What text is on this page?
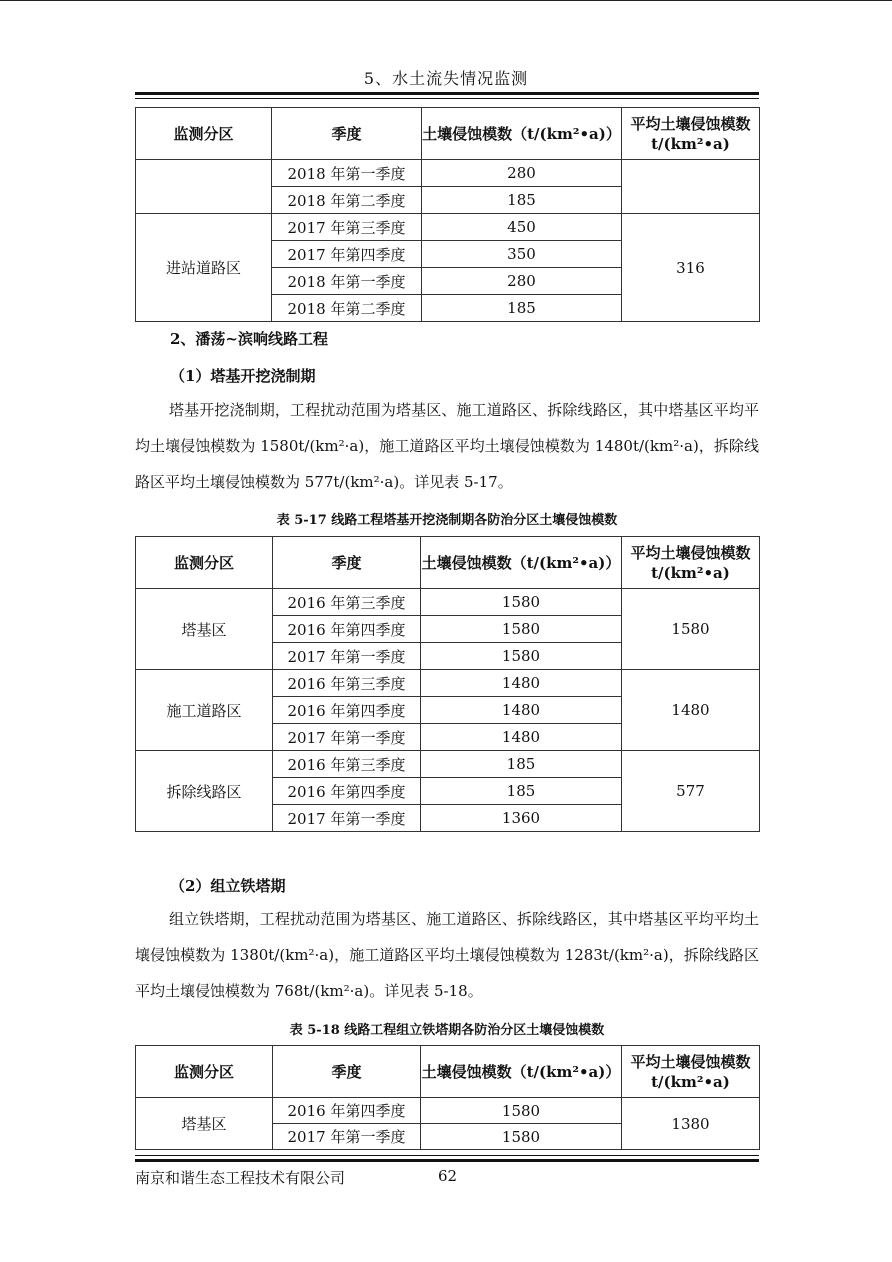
5、水土流失情况监测
监测分区	季度	土壤侵蚀模数（t/(km²•a)）	平均土壤侵蚀模数 t/(km²•a)
	2018 年第一季度	280	
	2018 年第二季度	185	
进站道路区	2017 年第三季度	450	316
	2017 年第四季度	350	
	2018 年第一季度	280	
	2018 年第二季度	185	
2、潘荡~滨响线路工程
（1）塔基开挖浇制期

塔基开挖浇制期，工程扰动范围为塔基区、施工道路区、拆除线路区，其中塔基区平均平均土壤侵蚀模数为 1580t/(km²·a)，施工道路区平均土壤侵蚀模数为 1480t/(km²·a)，拆除线路区平均土壤侵蚀模数为 577t/(km²·a)。详见表 5-17。

表 5-17 线路工程塔基开挖浇制期各防治分区土壤侵蚀模数
监测分区	季度	土壤侵蚀模数（t/(km²•a)）	平均土壤侵蚀模数 t/(km²•a)
塔基区	2016 年第三季度	1580	1580
	2016 年第四季度	1580	
	2017 年第一季度	1580	
施工道路区	2016 年第三季度	1480	1480
	2016 年第四季度	1480	
	2017 年第一季度	1480	
拆除线路区	2016 年第三季度	185	577
	2016 年第四季度	185	
	2017 年第一季度	1360	
（2）组立铁塔期

组立铁塔期，工程扰动范围为塔基区、施工道路区、拆除线路区，其中塔基区平均平均土壤侵蚀模数为 1380t/(km²·a)，施工道路区平均土壤侵蚀模数为 1283t/(km²·a)，拆除线路区平均土壤侵蚀模数为 768t/(km²·a)。详见表 5-18。

表 5-18 线路工程组立铁塔期各防治分区土壤侵蚀模数
监测分区	季度	土壤侵蚀模数（t/(km²•a)）	平均土壤侵蚀模数 t/(km²•a)
塔基区	2016 年第四季度	1580	1380
	2017 年第一季度	1580	
南京和谐生态工程技术有限公司	62
